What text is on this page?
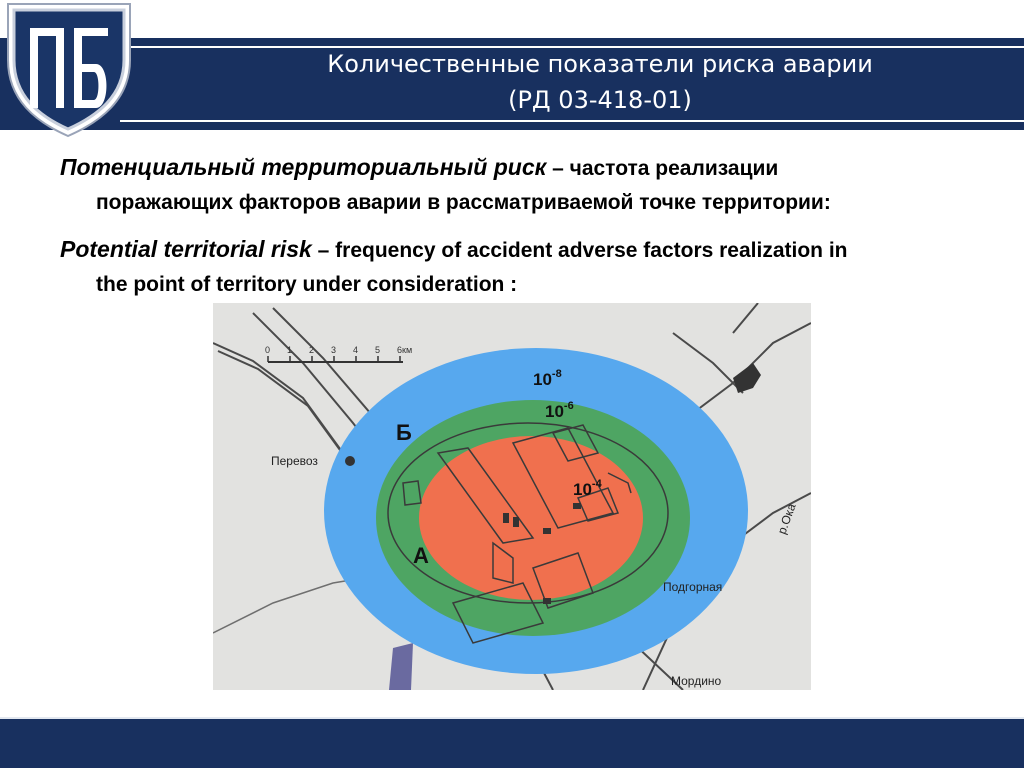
Количественные показатели риска аварии
(РД 03-418-01)
Потенциальный территориальный риск – частота реализации
поражающих факторов аварии в рассматриваемой точке территории:
Potential territorial risk – frequency of accident adverse factors realization in
the point of territory under consideration :
0 1 2 3 4 5 6км
$10^{-8}$
$10^{-6}$
$10^{-4}$
Б
А
Перевоз
Подгорная
Мордино
р.Ока
